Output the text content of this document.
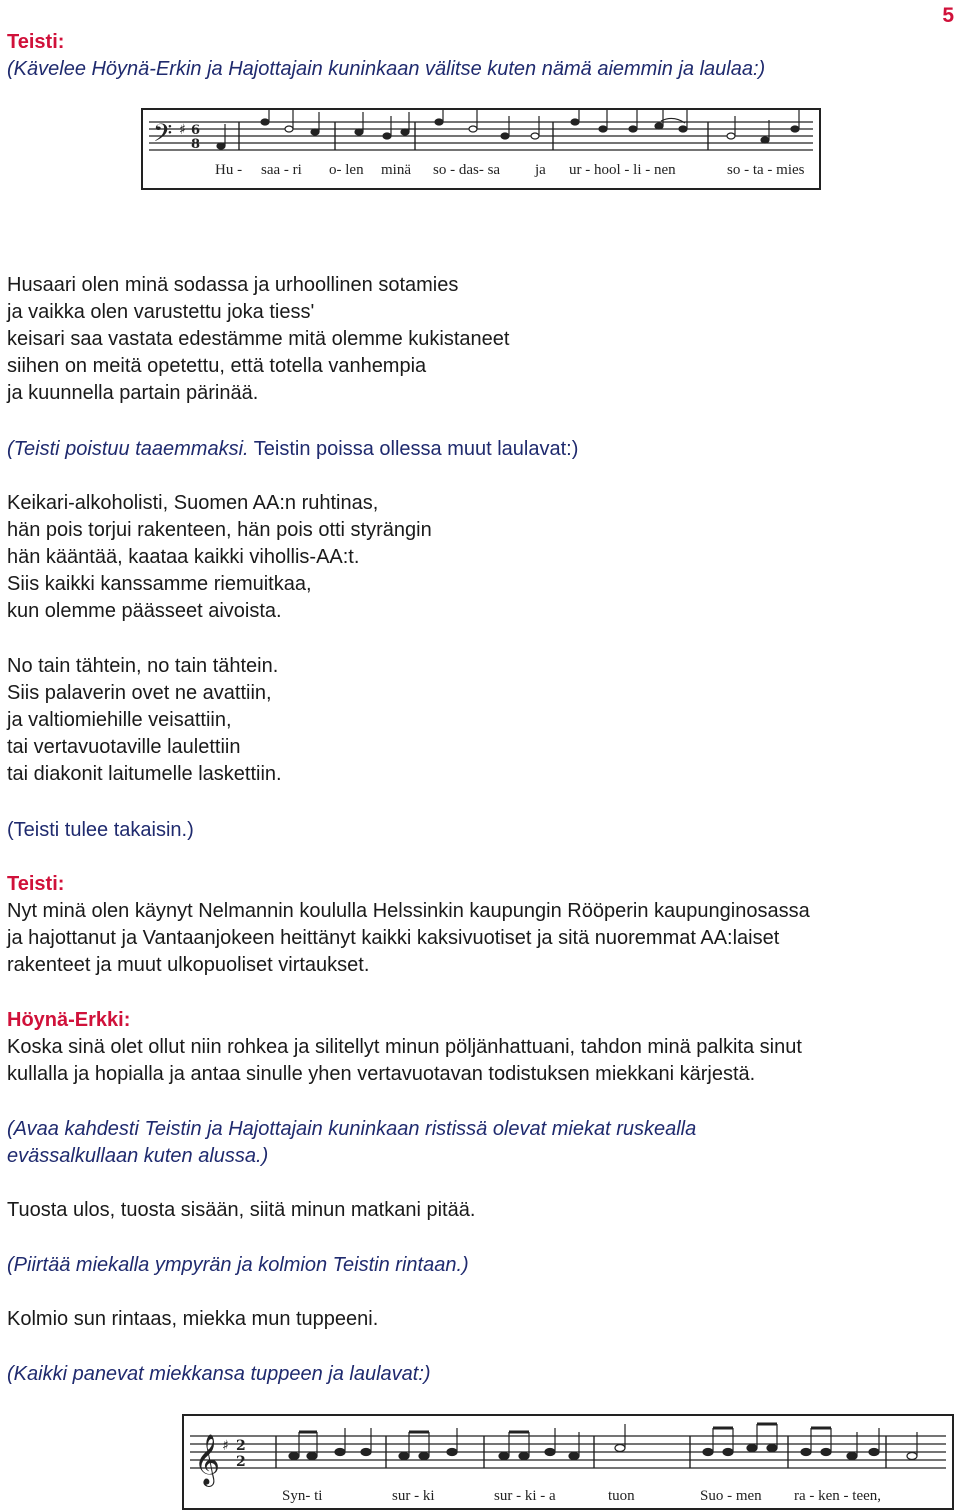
5
Teisti:
(Kävelee Höynä-Erkin ja Hajottajain kuninkaan välitse kuten nämä aiemmin ja laulaa:)
𝄢 ♯ 6
8
Hu - saa - ri o- len minä so - das- sa ja ur - hool - li - nen	so - ta - mies
Husaari olen minä sodassa ja urhoollinen sotamies
ja vaikka olen varustettu joka tiess'
keisari saa vastata edestämme mitä olemme kukistaneet
siihen on meitä opetettu, että totella vanhempia
ja kuunnella partain pärinää.
(Teisti poistuu taaemmaksi. Teistin poissa ollessa muut laulavat:)
Keikari-alkoholisti, Suomen AA:n ruhtinas,
hän pois torjui rakenteen, hän pois otti styrängin
hän kääntää, kaataa kaikki vihollis-AA:t.
Siis kaikki kanssamme riemuitkaa,
kun olemme päässeet aivoista.
No tain tähtein, no tain tähtein.
Siis palaverin ovet ne avattiin,
ja valtiomiehille veisattiin,
tai vertavuotaville laulettiin
tai diakonit laitumelle laskettiin.
(Teisti tulee takaisin.)
Teisti:
Nyt minä olen käynyt Nelmannin koululla Helssinkin kaupungin Rööperin kaupunginosassa
ja hajottanut ja Vantaanjokeen heittänyt kaikki kaksivuotiset ja sitä nuoremmat AA:laiset
rakenteet ja muut ulkopuoliset virtaukset.
Höynä-Erkki:
Koska sinä olet ollut niin rohkea ja silitellyt minun pöljänhattuani, tahdon minä palkita sinut
kullalla ja hopialla ja antaa sinulle yhen vertavuotavan todistuksen miekkani kärjestä.
(Avaa kahdesti Teistin ja Hajottajain kuninkaan ristissä olevat miekat ruskealla
evässalkullaan kuten alussa.)
Tuosta ulos, tuosta sisään, siitä minun matkani pitää.
(Piirtää miekalla ympyrän ja kolmion Teistin rintaan.)
Kolmio sun rintaas, miekka mun tuppeeni.
(Kaikki panevat miekkansa tuppeen ja laulavat:)
𝄞 ♯ 2
2
Syn- ti	sur - ki	sur - ki - a	tuon	Suo - men ra - ken - teen,
